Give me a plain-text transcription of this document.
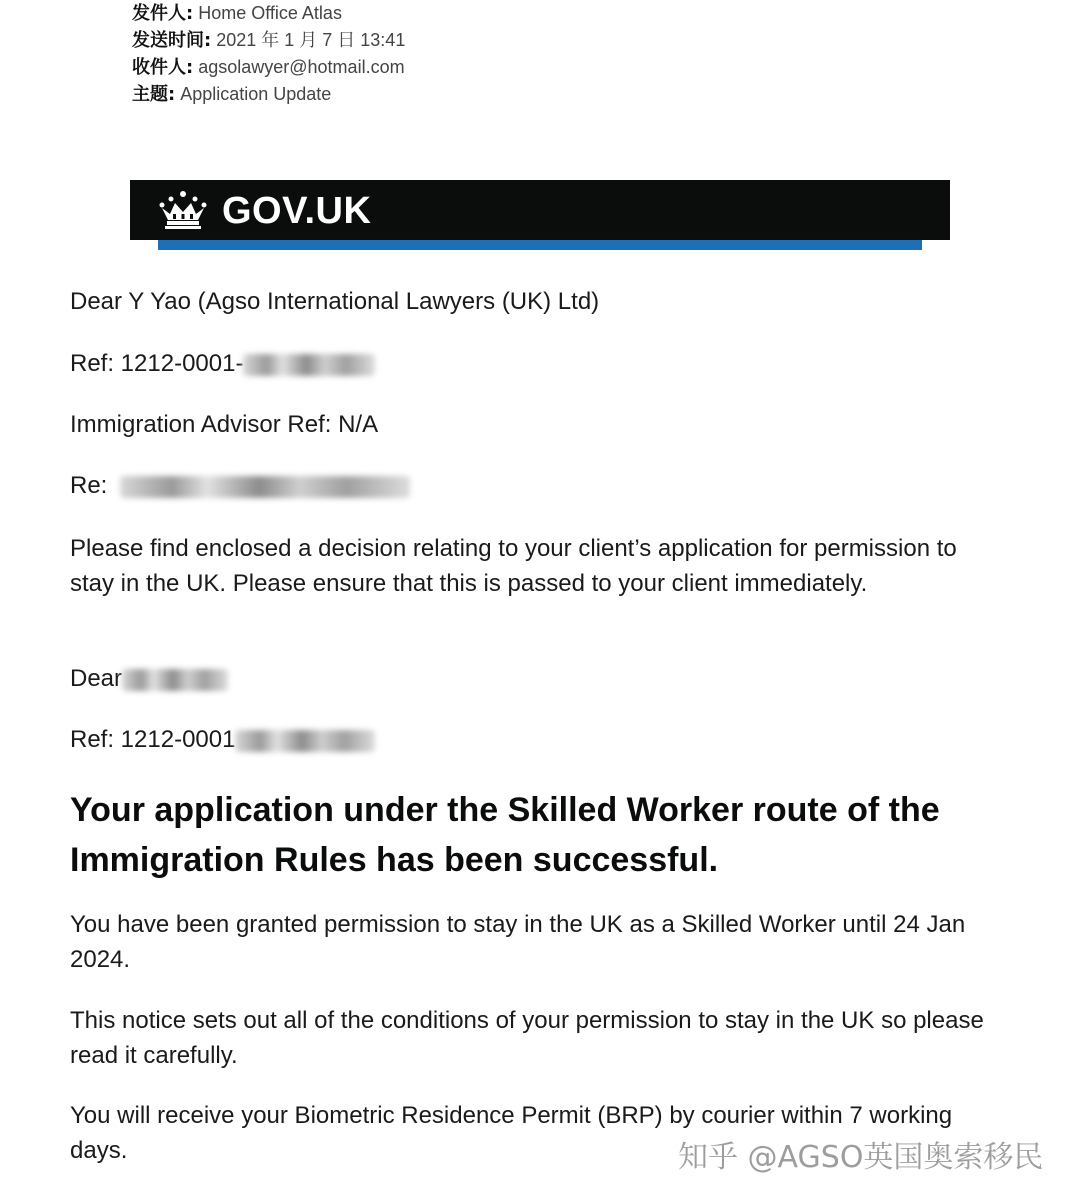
发件人: Home Office Atlas
发送时间: 2021 年 1 月 7 日 13:41
收件人: agsolawyer@hotmail.com
主题: Application Update
GOV.UK
Dear Y Yao (Agso International Lawyers (UK) Ltd)
Ref: 1212-0001-
Immigration Advisor Ref: N/A
Re:
Please find enclosed a decision relating to your client’s application for permission to stay in the UK. Please ensure that this is passed to your client immediately.
Dear
Ref: 1212-0001
Your application under the Skilled Worker route of the Immigration Rules has been successful.
You have been granted permission to stay in the UK as a Skilled Worker until 24 Jan 2024.
This notice sets out all of the conditions of your permission to stay in the UK so please read it carefully.
You will receive your Biometric Residence Permit (BRP) by courier within 7 working days.	知乎 @AGSO英国奥索移民
